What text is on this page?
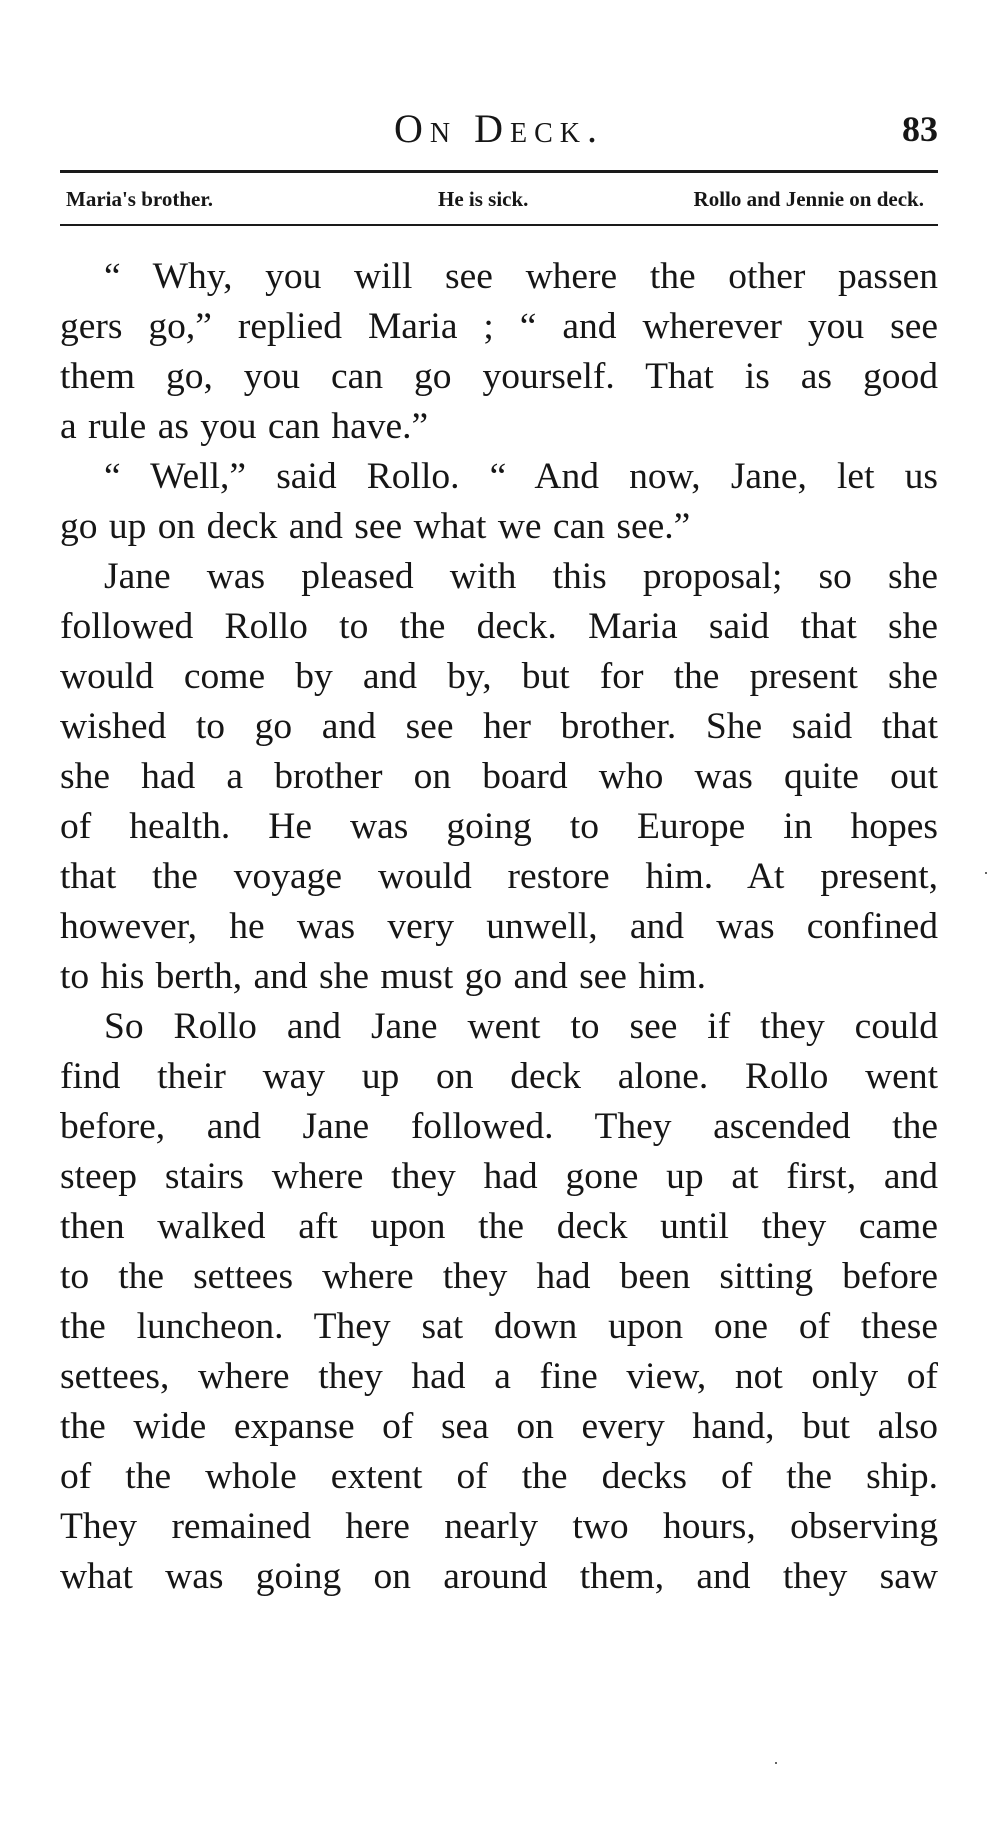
On Deck.	83
Maria's brother.	He is sick.	Rollo and Jennie on deck.
“ Why, you will see where the other passen
gers go,” replied Maria ; “ and wherever you see
them go, you can go yourself. That is as good
a rule as you can have.”
“ Well,” said Rollo. “ And now, Jane, let us
go up on deck and see what we can see.”
Jane was pleased with this proposal; so she
followed Rollo to the deck. Maria said that she
would come by and by, but for the present she
wished to go and see her brother. She said that
she had a brother on board who was quite out
of health. He was going to Europe in hopes
that the voyage would restore him. At present,
however, he was very unwell, and was confined
to his berth, and she must go and see him.
So Rollo and Jane went to see if they could
find their way up on deck alone. Rollo went
before, and Jane followed. They ascended the
steep stairs where they had gone up at first, and
then walked aft upon the deck until they came
to the settees where they had been sitting before
the luncheon. They sat down upon one of these
settees, where they had a fine view, not only of
the wide expanse of sea on every hand, but also
of the whole extent of the decks of the ship.
They remained here nearly two hours, observing
what was going on around them, and they saw
